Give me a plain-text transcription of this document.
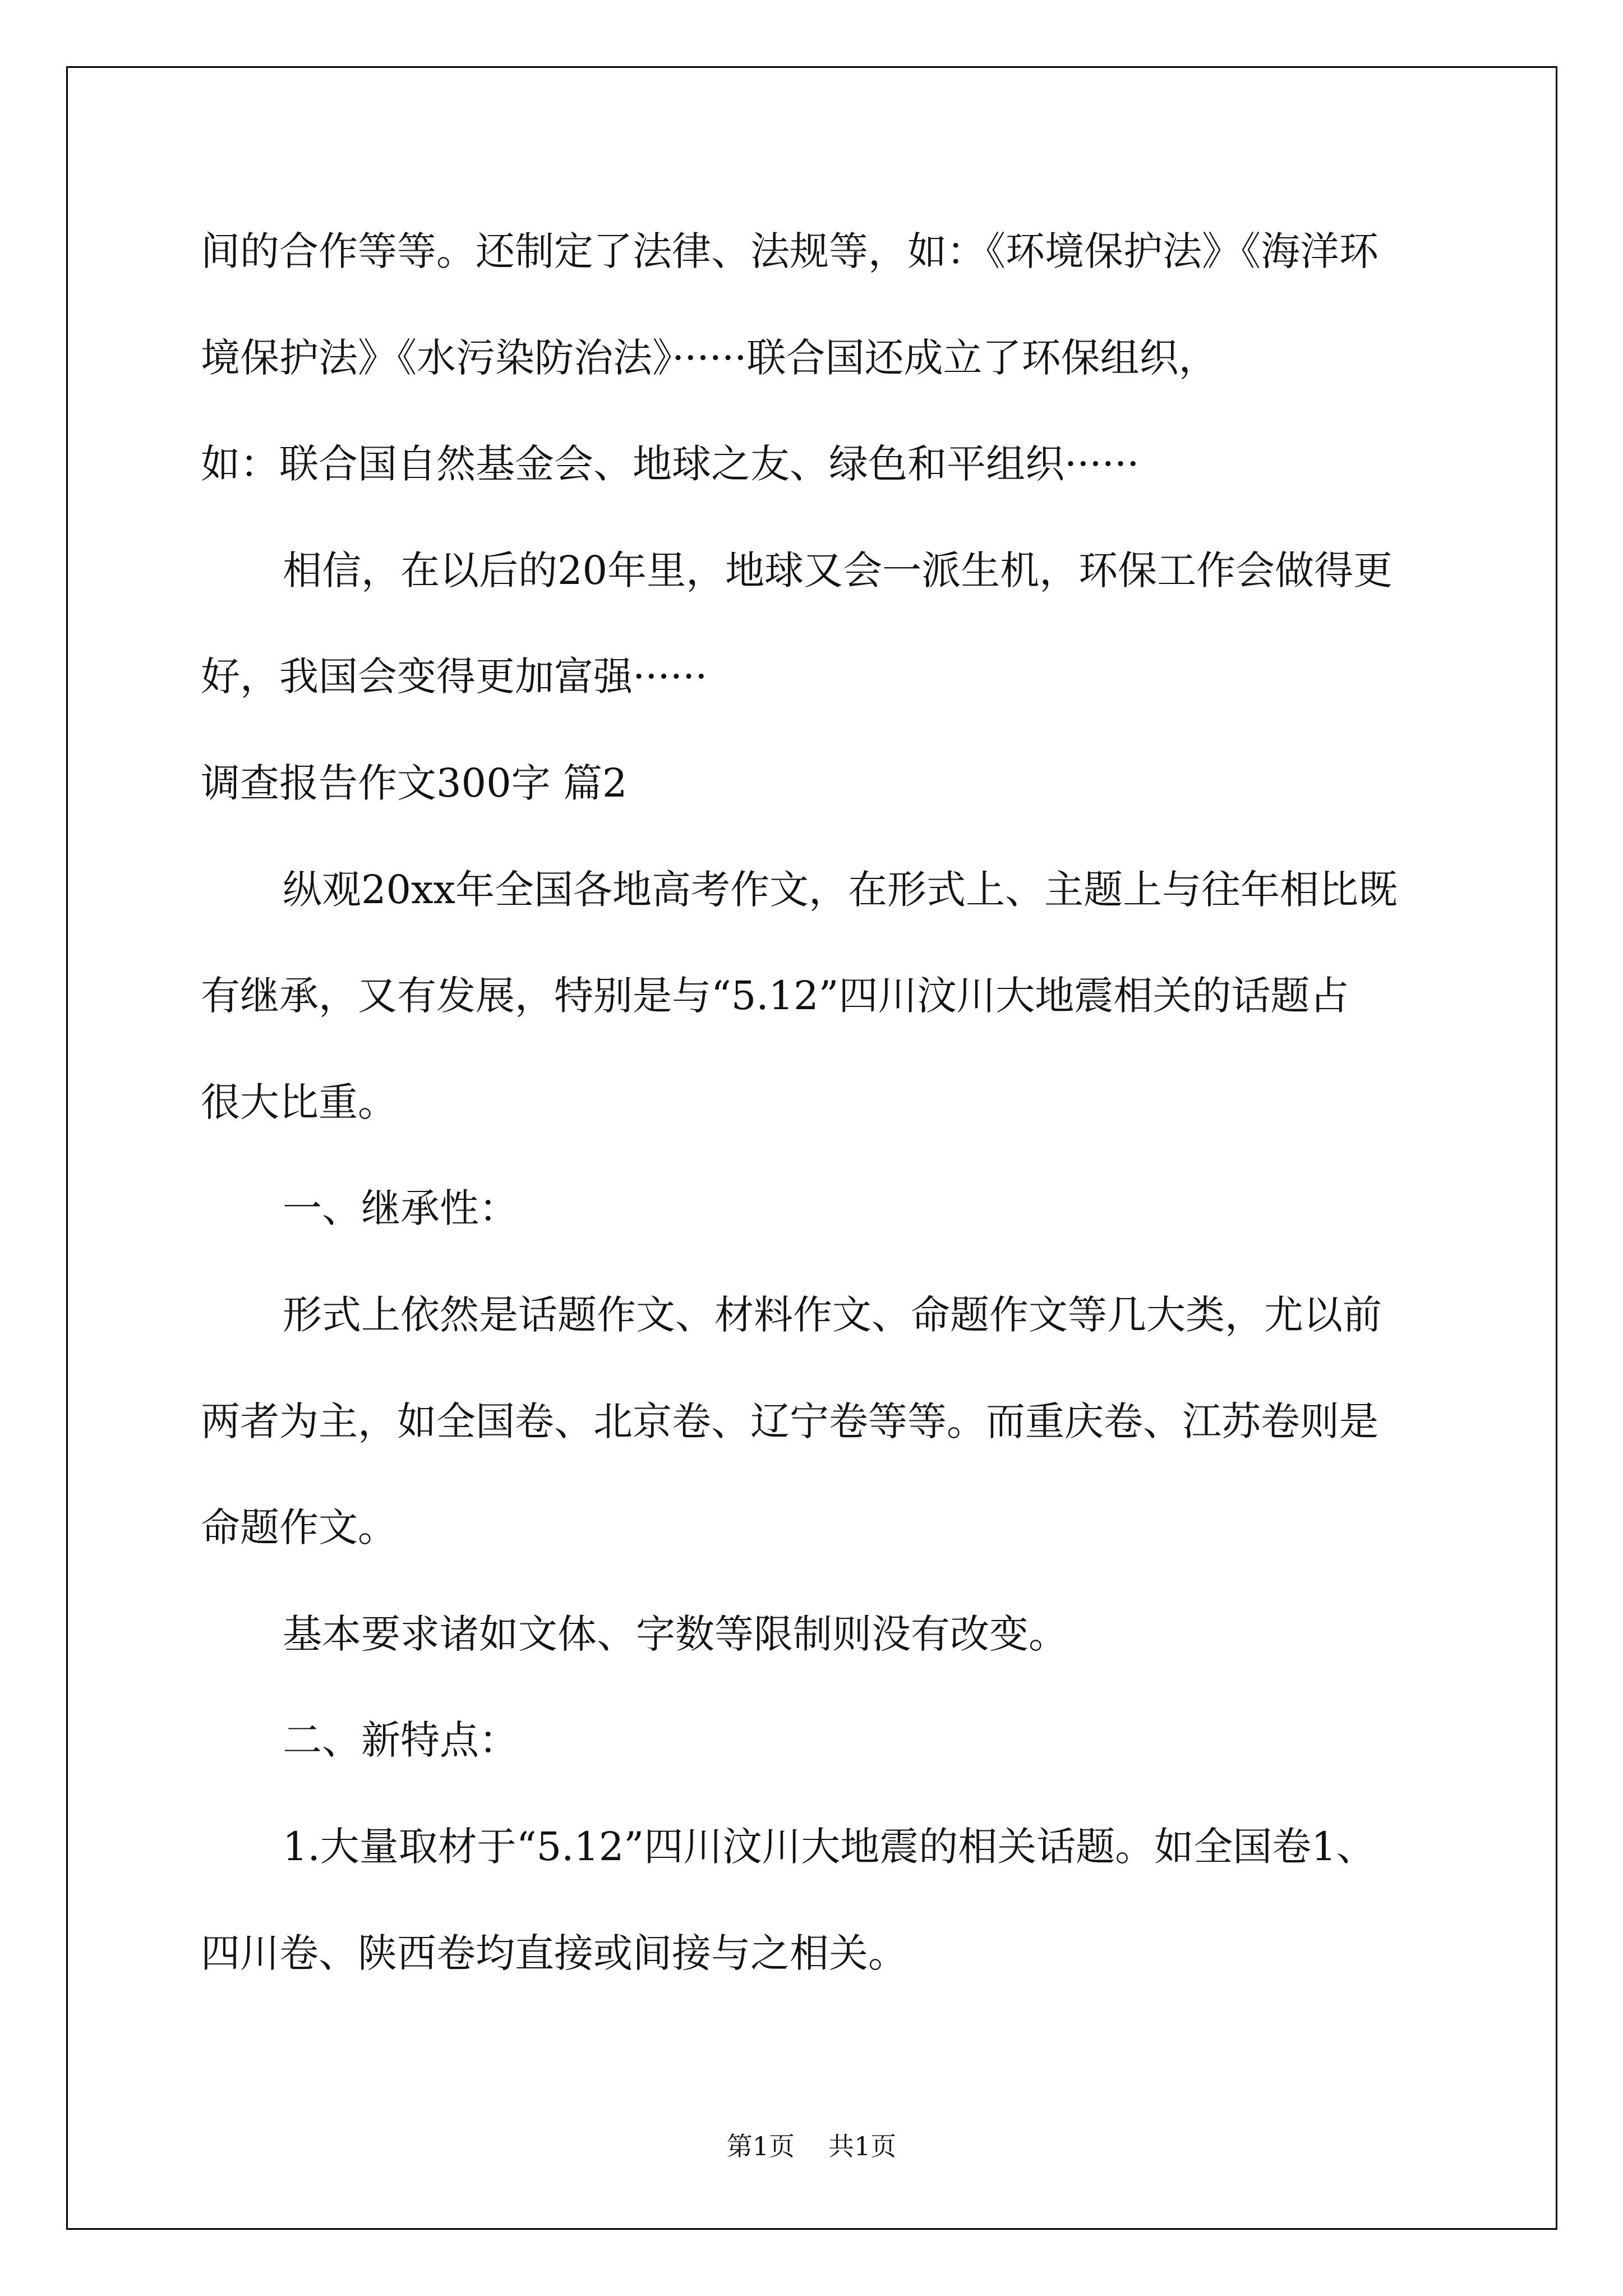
间的合作等等。还制定了法律、法规等，如：《环境保护法》《海洋环
境保护法》《水污染防治法》······联合国还成立了环保组织，
如：联合国自然基金会、地球之友、绿色和平组织······
相信，在以后的20年里，地球又会一派生机，环保工作会做得更
好，我国会变得更加富强······
调查报告作文300字 篇2
纵观20xx年全国各地高考作文，在形式上、主题上与往年相比既
有继承，又有发展，特别是与“5.12”四川汶川大地震相关的话题占
很大比重。
一、继承性：
形式上依然是话题作文、材料作文、命题作文等几大类，尤以前
两者为主，如全国卷、北京卷、辽宁卷等等。而重庆卷、江苏卷则是
命题作文。
基本要求诸如文体、字数等限制则没有改变。
二、新特点：
1.大量取材于“5.12”四川汶川大地震的相关话题。如全国卷1、
四川卷、陕西卷均直接或间接与之相关。
第1页 共1页
